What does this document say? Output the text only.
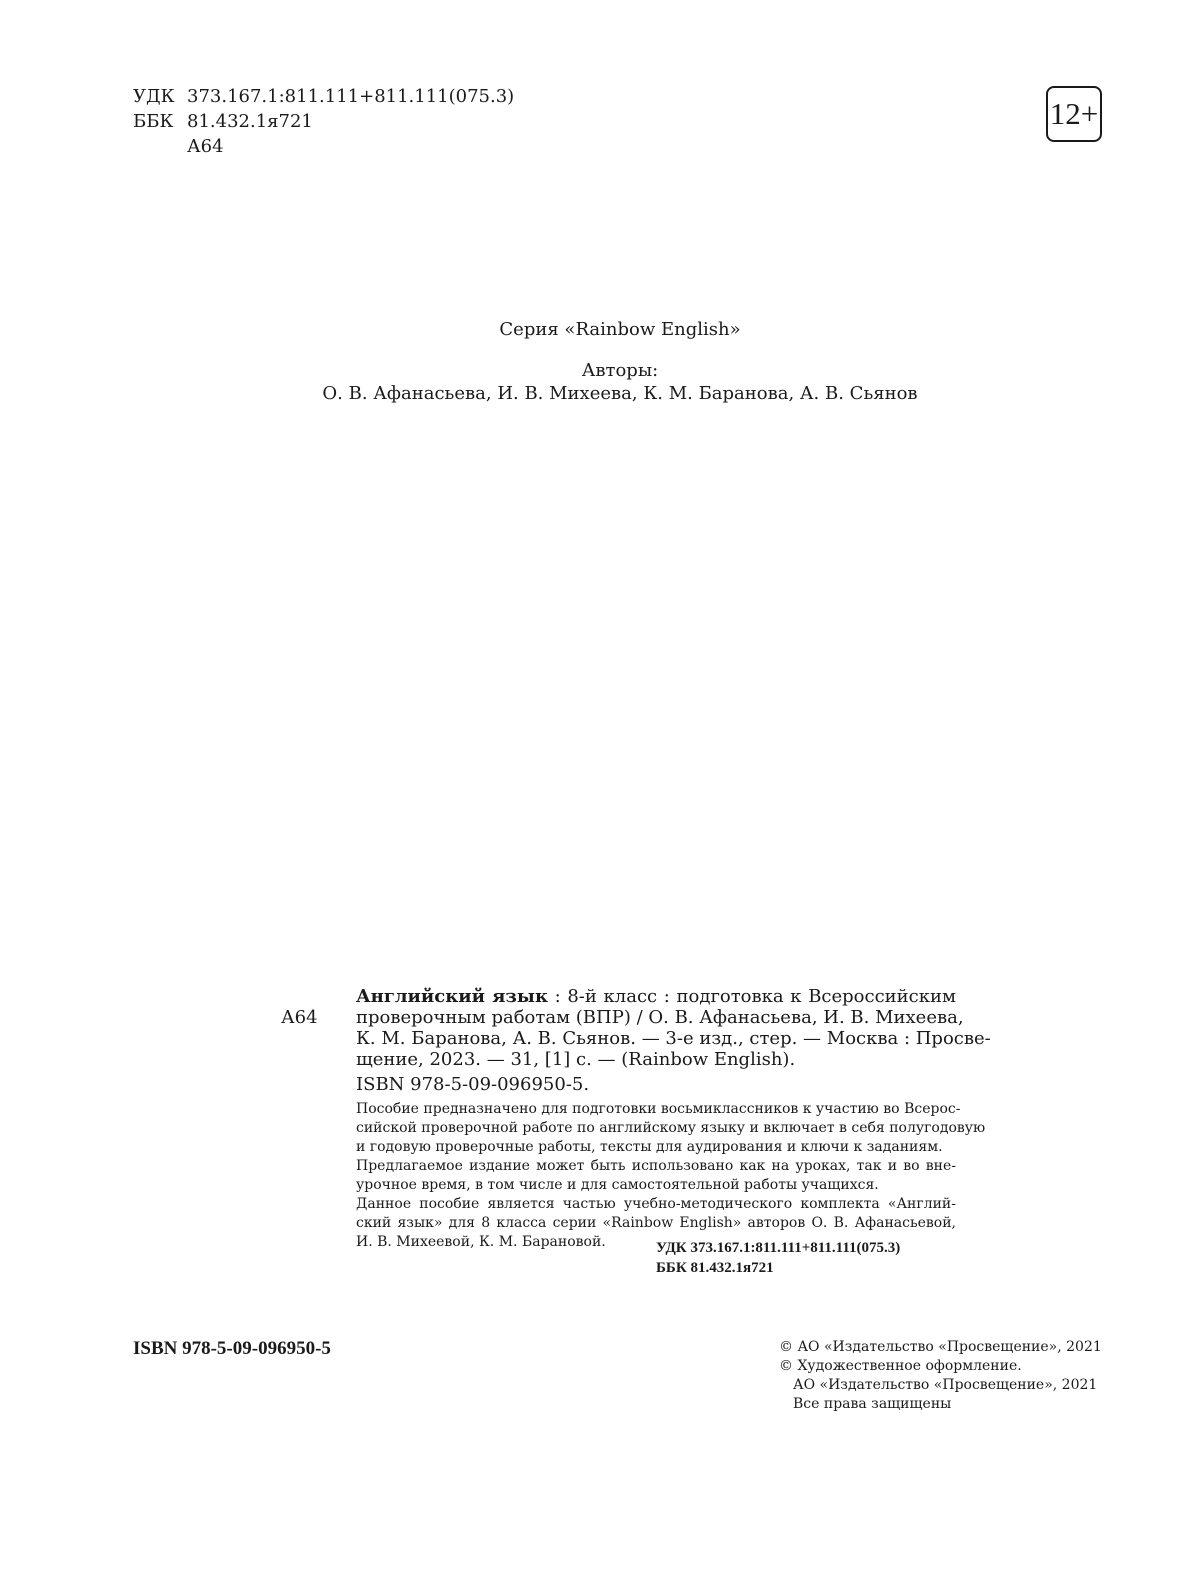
УДК 373.167.1:811.111+811.111(075.3)
ББК 81.432.1я721
А64
12+
Серия «Rainbow English»
Авторы:
О. В. Афанасьева, И. В. Михеева, К. М. Баранова, А. В. Сьянов
А64
Английский язык : 8-й класс : подготовка к Всероссийским
проверочным работам (ВПР) / О. В. Афанасьева, И. В. Михеева,
К. М. Баранова, А. В. Сьянов. — 3-е изд., стер. — Москва : Просве-
щение, 2023. — 31, [1] с. — (Rainbow English).
ISBN 978-5-09-096950-5.
Пособие предназначено для подготовки восьмиклассников к участию во Всерос-
сийской проверочной работе по английскому языку и включает в себя полугодовую
и годовую проверочные работы, тексты для аудирования и ключи к заданиям.
Предлагаемое издание может быть использовано как на уроках, так и во вне-
урочное время, в том числе и для самостоятельной работы учащихся.
Данное пособие является частью учебно-методического комплекта «Англий-
ский язык» для 8 класса серии «Rainbow English» авторов О. В. Афанасьевой,
И. В. Михеевой, К. М. Барановой.	УДК 373.167.1:811.111+811.111(075.3)
ББК 81.432.1я721
ISBN 978-5-09-096950-5	© АО «Издательство «Просвещение», 2021
© Художественное оформление.
АО «Издательство «Просвещение», 2021
Все права защищены
